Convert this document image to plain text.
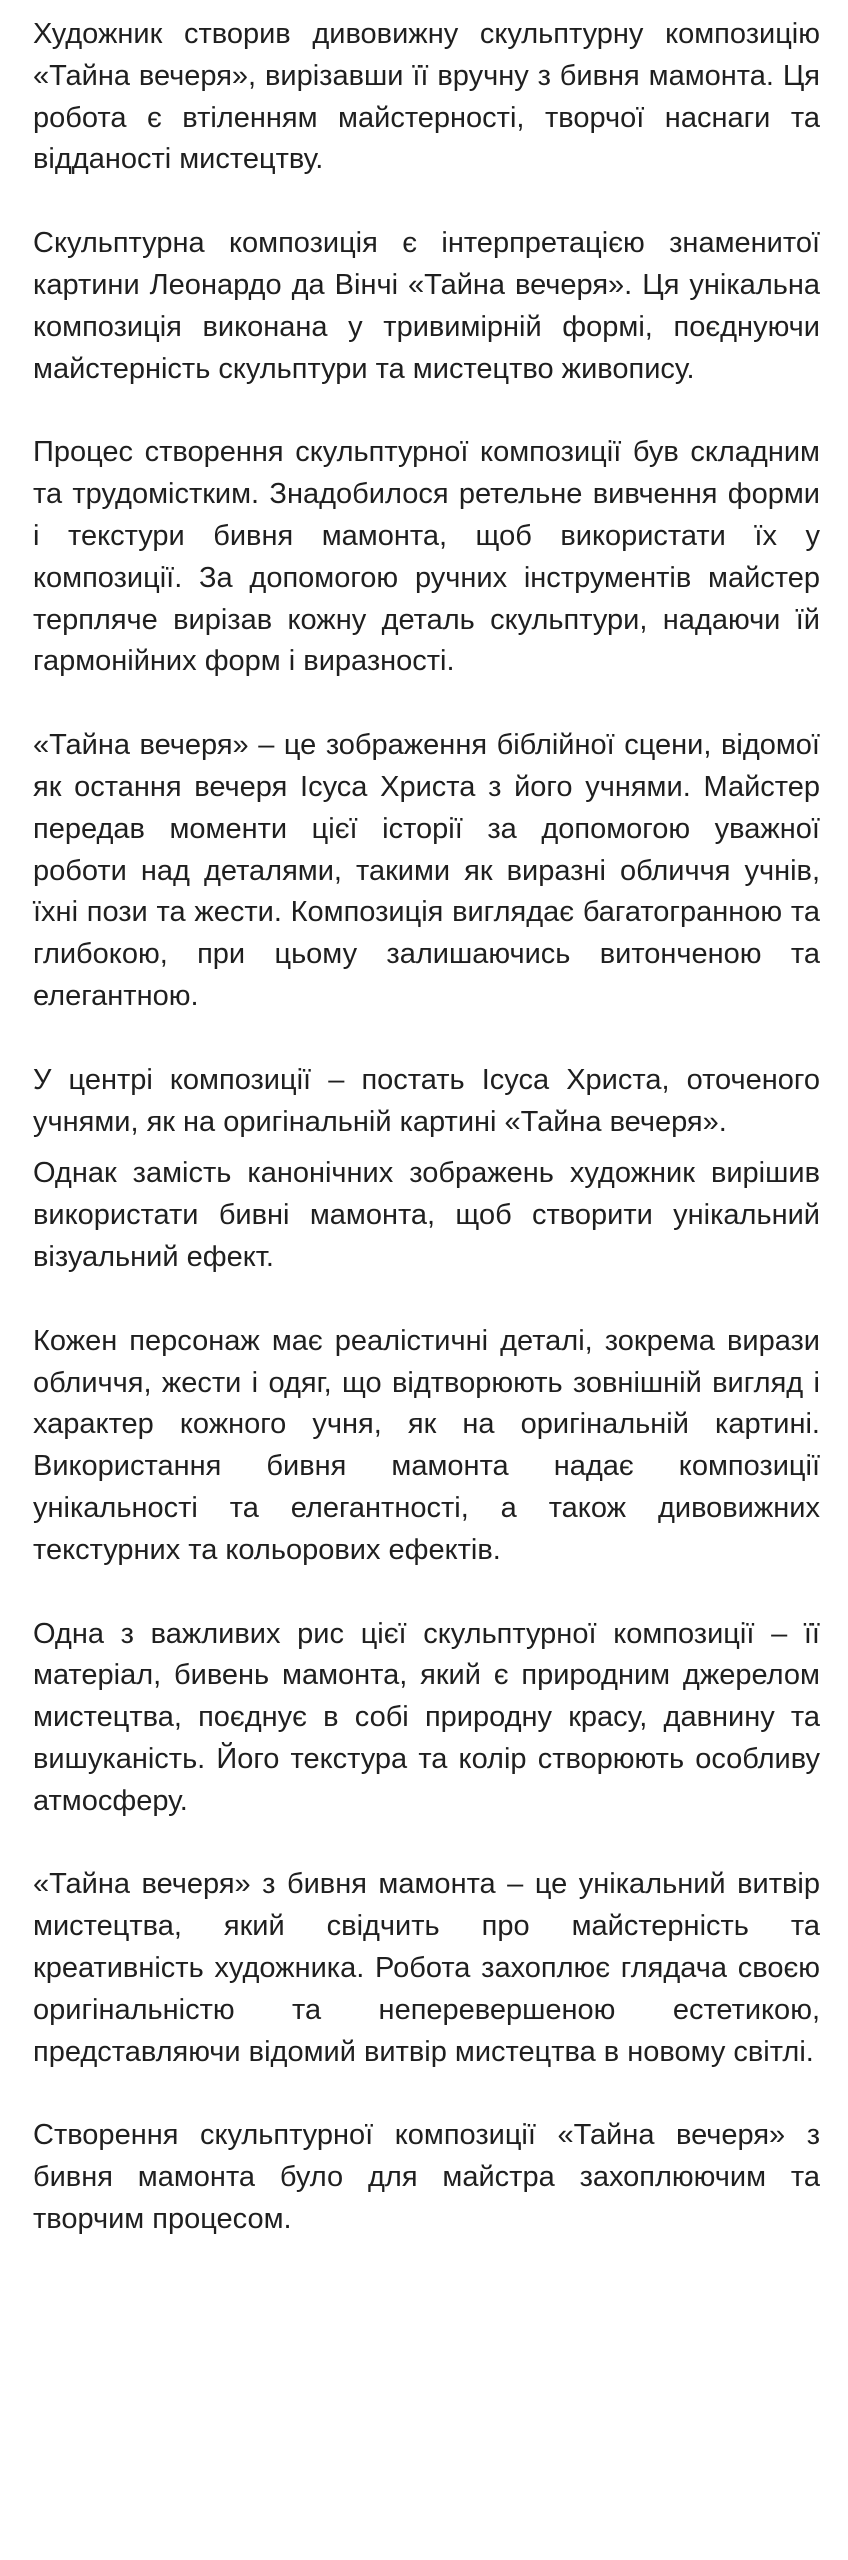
Художник створив дивовижну скульптурну композицію «Тайна вечеря», вирізавши її вручну з бивня мамонта. Ця робота є втіленням майстерності, творчої наснаги та відданості мистецтву.

Скульптурна композиція є інтерпретацією знаменитої картини Леонардо да Вінчі «Тайна вечеря». Ця унікальна композиція виконана у тривимірній формі, поєднуючи майстерність скульптури та мистецтво живопису.

Процес створення скульптурної композиції був складним та трудомістким. Знадобилося ретельне вивчення форми і текстури бивня мамонта, щоб використати їх у композиції. За допомогою ручних інструментів майстер терпляче вирізав кожну деталь скульптури, надаючи їй гармонійних форм і виразності.

«Тайна вечеря» – це зображення біблійної сцени, відомої як остання вечеря Ісуса Христа з його учнями. Майстер передав моменти цієї історії за допомогою уважної роботи над деталями, такими як виразні обличчя учнів, їхні пози та жести. Композиція виглядає багатогранною та глибокою, при цьому залишаючись витонченою та елегантною.

У центрі композиції – постать Ісуса Христа, оточеного учнями, як на оригінальній картині «Тайна вечеря».

Однак замість канонічних зображень художник вирішив використати бивні мамонта, щоб створити унікальний візуальний ефект.

Кожен персонаж має реалістичні деталі, зокрема вирази обличчя, жести і одяг, що відтворюють зовнішній вигляд і характер кожного учня, як на оригінальній картині. Використання бивня мамонта надає композиції унікальності та елегантності, а також дивовижних текстурних та кольорових ефектів.

Одна з важливих рис цієї скульптурної композиції – її матеріал, бивень мамонта, який є природним джерелом мистецтва, поєднує в собі природну красу, давнину та вишуканість. Його текстура та колір створюють особливу атмосферу.

«Тайна вечеря» з бивня мамонта – це унікальний витвір мистецтва, який свідчить про майстерність та креативність художника. Робота захоплює глядача своєю оригінальністю та неперевершеною естетикою, представляючи відомий витвір мистецтва в новому світлі.

Створення скульптурної композиції «Тайна вечеря» з бивня мамонта було для майстра захоплюючим та творчим процесом.
